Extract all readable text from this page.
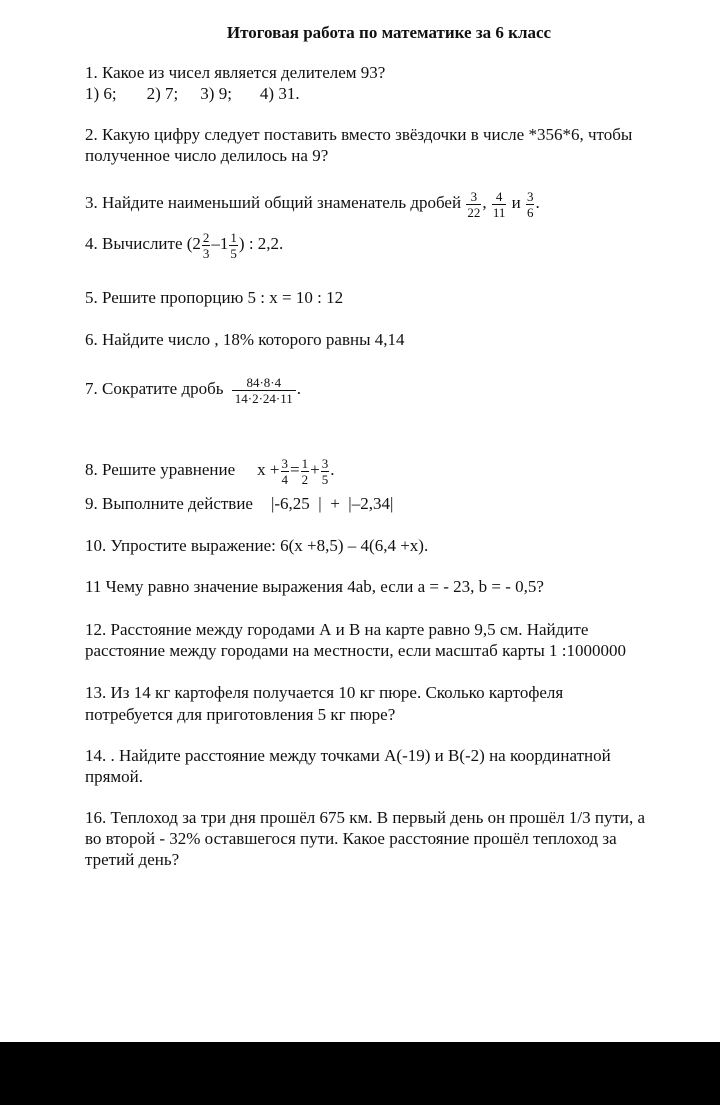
Итоговая работа по математике за 6 класс
1. Какое из чисел является делителем 93?
1) 6; 2) 7; 3) 9; 4) 31.
2. Какую цифру следует поставить вместо звёздочки в числе *356*6, чтобы
полученное число делилось на 9?
3. Найдите наименьший общий знаменатель дробей $\frac{3}{22}$ , $\frac{4}{11}$ и $\frac{3}{6}$ .
4. Вычислите ($2 \frac{2}{3} -1 \frac{1}{5}$ ) : 2,2.
5. Решите пропорцию 5 : x = 10 : 12
6. Найдите число , 18% которого равны 4,14
7. Сократите дробь $\frac{84\cdot 8\cdot 4}{14\cdot 2\cdot 24\cdot 11}$ .
8. Решите уравнение $x + \frac{3}{4} = \frac{1}{2} + \frac{3}{5}$ .
9. Выполните действие |-6,25  |  +  |–2,34|
10. Упростите выражение: 6(x +8,5) – 4(6,4 +x).
11 Чему равно значение выражения 4ab, если a = - 23, b = - 0,5?
12. Расстояние между городами А и В на карте равно 9,5 см. Найдите
расстояние между городами на местности, если масштаб карты 1 :1000000
13. Из 14 кг картофеля получается 10 кг пюре. Сколько картофеля
потребуется для приготовления 5 кг пюре?
14. . Найдите расстояние между точками А(-19) и В(-2) на координатной
прямой.
16. Теплоход за три дня прошёл 675 км. В первый день он прошёл 1/3 пути, а
во второй - 32% оставшегося пути. Какое расстояние прошёл теплоход за
третий день?
